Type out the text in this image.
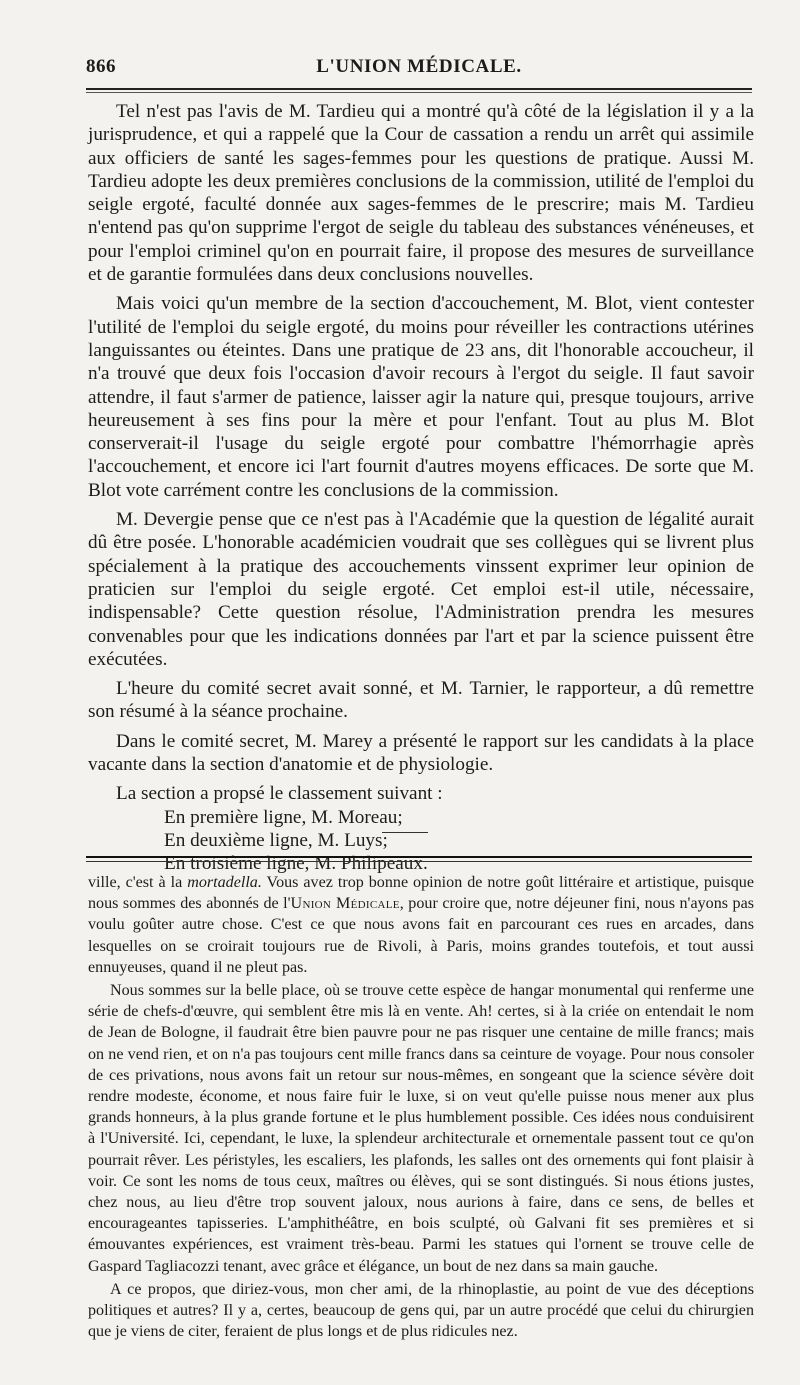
866	L'UNION MÉDICALE.

Tel n'est pas l'avis de M. Tardieu qui a montré qu'à côté de la législation il y a la jurisprudence, et qui a rappelé que la Cour de cassation a rendu un arrêt qui assimile aux officiers de santé les sages-femmes pour les questions de pratique. Aussi M. Tardieu adopte les deux premières conclusions de la commission, utilité de l'emploi du seigle ergoté, faculté donnée aux sages-femmes de le prescrire; mais M. Tardieu n'entend pas qu'on supprime l'ergot de seigle du tableau des substances vénéneuses, et pour l'emploi criminel qu'on en pourrait faire, il propose des mesures de surveillance et de garantie formulées dans deux conclusions nouvelles.

Mais voici qu'un membre de la section d'accouchement, M. Blot, vient contester l'utilité de l'emploi du seigle ergoté, du moins pour réveiller les contractions utérines languissantes ou éteintes. Dans une pratique de 23 ans, dit l'honorable accoucheur, il n'a trouvé que deux fois l'occasion d'avoir recours à l'ergot du seigle. Il faut savoir attendre, il faut s'armer de patience, laisser agir la nature qui, presque toujours, arrive heureusement à ses fins pour la mère et pour l'enfant. Tout au plus M. Blot conserverait-il l'usage du seigle ergoté pour combattre l'hémorrhagie après l'accouchement, et encore ici l'art fournit d'autres moyens efficaces. De sorte que M. Blot vote carrément contre les conclusions de la commission.

M. Devergie pense que ce n'est pas à l'Académie que la question de légalité aurait dû être posée. L'honorable académicien voudrait que ses collègues qui se livrent plus spécialement à la pratique des accouchements vinssent exprimer leur opinion de praticien sur l'emploi du seigle ergoté. Cet emploi est-il utile, nécessaire, indispensable? Cette question résolue, l'Administration prendra les mesures convenables pour que les indications données par l'art et par la science puissent être exécutées.

L'heure du comité secret avait sonné, et M. Tarnier, le rapporteur, a dû remettre son résumé à la séance prochaine.

Dans le comité secret, M. Marey a présenté le rapport sur les candidats à la place vacante dans la section d'anatomie et de physiologie.

La section a propsé le classement suivant :

En première ligne, M. Moreau;
En deuxième ligne, M. Luys;
En troisième ligne, M. Philipeaux.

ville, c'est à la mortadella. Vous avez trop bonne opinion de notre goût littéraire et artistique, puisque nous sommes des abonnés de l'Union Médicale, pour croire que, notre déjeuner fini, nous n'ayons pas voulu goûter autre chose. C'est ce que nous avons fait en parcourant ces rues en arcades, dans lesquelles on se croirait toujours rue de Rivoli, à Paris, moins grandes toutefois, et tout aussi ennuyeuses, quand il ne pleut pas.

Nous sommes sur la belle place, où se trouve cette espèce de hangar monumental qui renferme une série de chefs-d'œuvre, qui semblent être mis là en vente. Ah! certes, si à la criée on entendait le nom de Jean de Bologne, il faudrait être bien pauvre pour ne pas risquer une centaine de mille francs; mais on ne vend rien, et on n'a pas toujours cent mille francs dans sa ceinture de voyage. Pour nous consoler de ces privations, nous avons fait un retour sur nous-mêmes, en songeant que la science sévère doit rendre modeste, économe, et nous faire fuir le luxe, si on veut qu'elle puisse nous mener aux plus grands honneurs, à la plus grande fortune et le plus humblement possible. Ces idées nous conduisirent à l'Université. Ici, cependant, le luxe, la splendeur architecturale et ornementale passent tout ce qu'on pourrait rêver. Les péristyles, les escaliers, les plafonds, les salles ont des ornements qui font plaisir à voir. Ce sont les noms de tous ceux, maîtres ou élèves, qui se sont distingués. Si nous étions justes, chez nous, au lieu d'être trop souvent jaloux, nous aurions à faire, dans ce sens, de belles et encourageantes tapisseries. L'amphithéâtre, en bois sculpté, où Galvani fit ses premières et si émouvantes expériences, est vraiment très-beau. Parmi les statues qui l'ornent se trouve celle de Gaspard Tagliacozzi tenant, avec grâce et élégance, un bout de nez dans sa main gauche.

A ce propos, que diriez-vous, mon cher ami, de la rhinoplastie, au point de vue des déceptions politiques et autres? Il y a, certes, beaucoup de gens qui, par un autre procédé que celui du chirurgien que je viens de citer, feraient de plus longs et de plus ridicules nez.
